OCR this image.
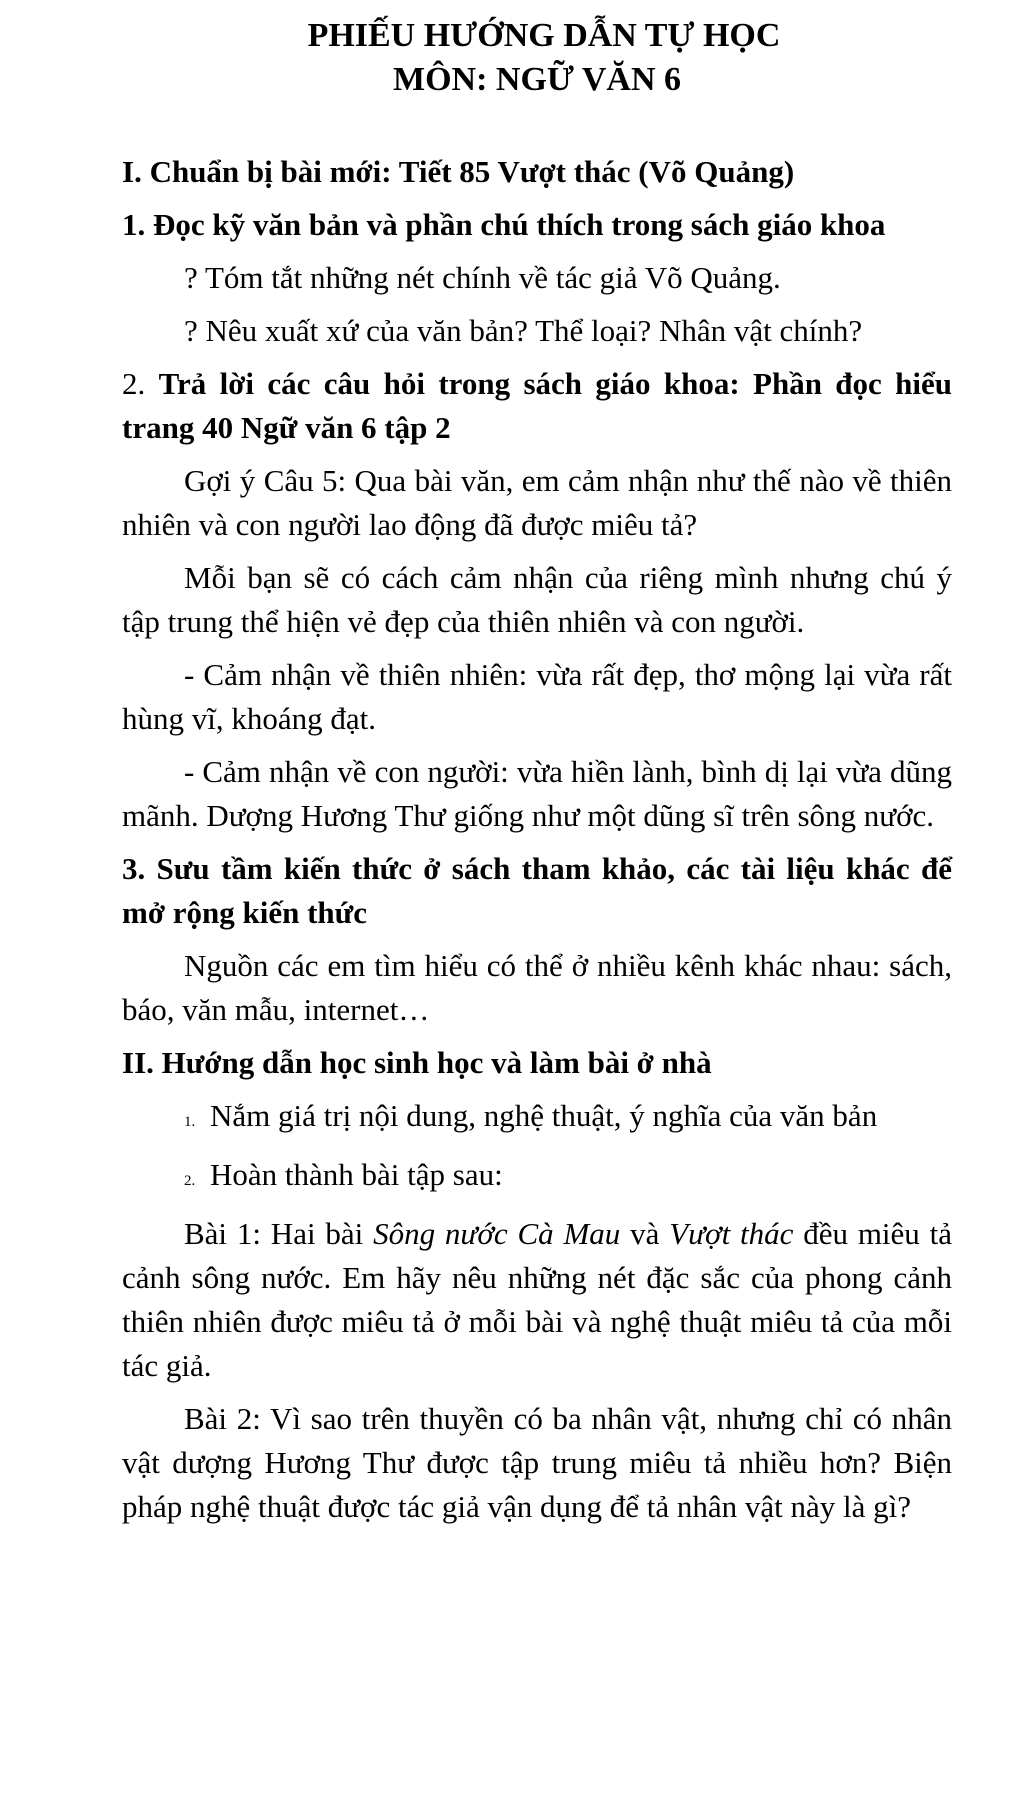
PHIẾU HƯỚNG DẪN TỰ HỌC

MÔN: NGỮ VĂN 6

I. Chuẩn bị bài mới: Tiết 85 Vượt thác (Võ Quảng)

1. Đọc kỹ văn bản và phần chú thích trong sách giáo khoa

? Tóm tắt những nét chính về tác giả Võ Quảng.

? Nêu xuất xứ của văn bản? Thể loại? Nhân vật chính?

2. Trả lời các câu hỏi trong sách giáo khoa: Phần đọc hiểu trang 40 Ngữ văn 6 tập 2

Gợi ý Câu 5: Qua bài văn, em cảm nhận như thế nào về thiên nhiên và con người lao động đã được miêu tả?

Mỗi bạn sẽ có cách cảm nhận của riêng mình nhưng chú ý tập trung thể hiện vẻ đẹp của thiên nhiên và con người.

- Cảm nhận về thiên nhiên: vừa rất đẹp, thơ mộng lại vừa rất hùng vĩ, khoáng đạt.

- Cảm nhận về con người: vừa hiền lành, bình dị lại vừa dũng mãnh. Dượng Hương Thư giống như một dũng sĩ trên sông nước.

3. Sưu tầm kiến thức ở sách tham khảo, các tài liệu khác để mở rộng kiến thức

Nguồn các em tìm hiểu có thể ở nhiều kênh khác nhau: sách, báo, văn mẫu, internet…

II. Hướng dẫn học sinh học và làm bài ở nhà

1. Nắm giá trị nội dung, nghệ thuật, ý nghĩa của văn bản

2. Hoàn thành bài tập sau:

Bài 1: Hai bài Sông nước Cà Mau và Vượt thác đều miêu tả cảnh sông nước. Em hãy nêu những nét đặc sắc của phong cảnh thiên nhiên được miêu tả ở mỗi bài và nghệ thuật miêu tả của mỗi tác giả.

Bài 2: Vì sao trên thuyền có ba nhân vật, nhưng chỉ có nhân vật dượng Hương Thư được tập trung miêu tả nhiều hơn? Biện pháp nghệ thuật được tác giả vận dụng để tả nhân vật này là gì?
